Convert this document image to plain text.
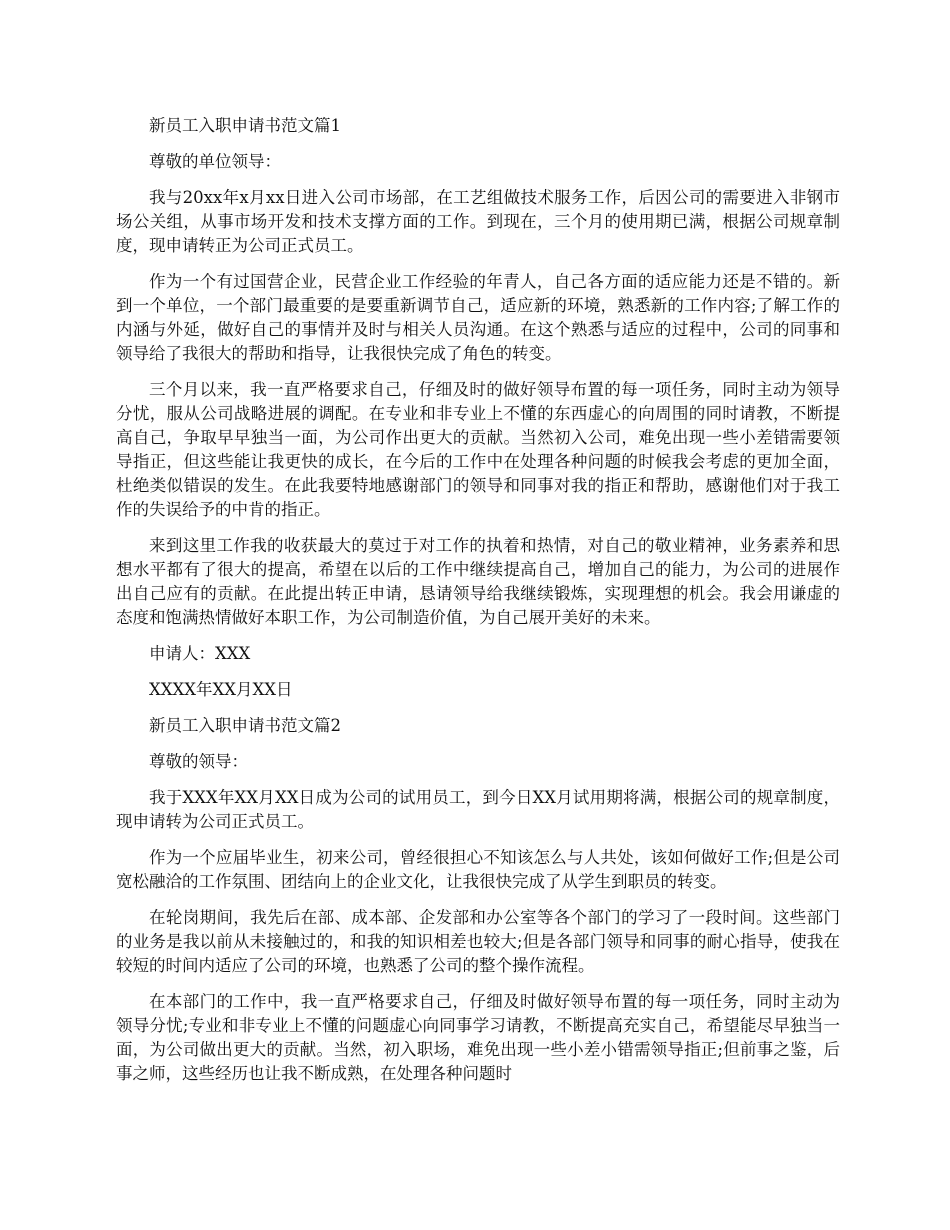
新员工入职申请书范文篇1

尊敬的单位领导：

我与20xx年x月xx日进入公司市场部，在工艺组做技术服务工作，后因公司的需要进入非钢市场公关组，从事市场开发和技术支撑方面的工作。到现在，三个月的使用期已满，根据公司规章制度，现申请转正为公司正式员工。

作为一个有过国营企业，民营企业工作经验的年青人，自己各方面的适应能力还是不错的。新到一个单位，一个部门最重要的是要重新调节自己，适应新的环境，熟悉新的工作内容;了解工作的内涵与外延，做好自己的事情并及时与相关人员沟通。在这个熟悉与适应的过程中，公司的同事和领导给了我很大的帮助和指导，让我很快完成了角色的转变。

三个月以来，我一直严格要求自己，仔细及时的做好领导布置的每一项任务，同时主动为领导分忧，服从公司战略进展的调配。在专业和非专业上不懂的东西虚心的向周围的同时请教，不断提高自己，争取早早独当一面，为公司作出更大的贡献。当然初入公司，难免出现一些小差错需要领导指正，但这些能让我更快的成长，在今后的工作中在处理各种问题的时候我会考虑的更加全面，杜绝类似错误的发生。在此我要特地感谢部门的领导和同事对我的指正和帮助，感谢他们对于我工作的失误给予的中肯的指正。

来到这里工作我的收获最大的莫过于对工作的执着和热情，对自己的敬业精神，业务素养和思想水平都有了很大的提高，希望在以后的工作中继续提高自己，增加自己的能力，为公司的进展作出自己应有的贡献。在此提出转正申请，恳请领导给我继续锻炼，实现理想的机会。我会用谦虚的态度和饱满热情做好本职工作，为公司制造价值，为自己展开美好的未来。

申请人：XXX

XXXX年XX月XX日

新员工入职申请书范文篇2

尊敬的领导：

我于XXX年XX月XX日成为公司的试用员工，到今日XX月试用期将满，根据公司的规章制度，现申请转为公司正式员工。

作为一个应届毕业生，初来公司，曾经很担心不知该怎么与人共处，该如何做好工作;但是公司宽松融洽的工作氛围、团结向上的企业文化，让我很快完成了从学生到职员的转变。

在轮岗期间，我先后在部、成本部、企发部和办公室等各个部门的学习了一段时间。这些部门的业务是我以前从未接触过的，和我的知识相差也较大;但是各部门领导和同事的耐心指导，使我在较短的时间内适应了公司的环境，也熟悉了公司的整个操作流程。

在本部门的工作中，我一直严格要求自己，仔细及时做好领导布置的每一项任务，同时主动为领导分忧;专业和非专业上不懂的问题虚心向同事学习请教，不断提高充实自己，希望能尽早独当一面，为公司做出更大的贡献。当然，初入职场，难免出现一些小差小错需领导指正;但前事之鉴，后事之师，这些经历也让我不断成熟，在处理各种问题时
